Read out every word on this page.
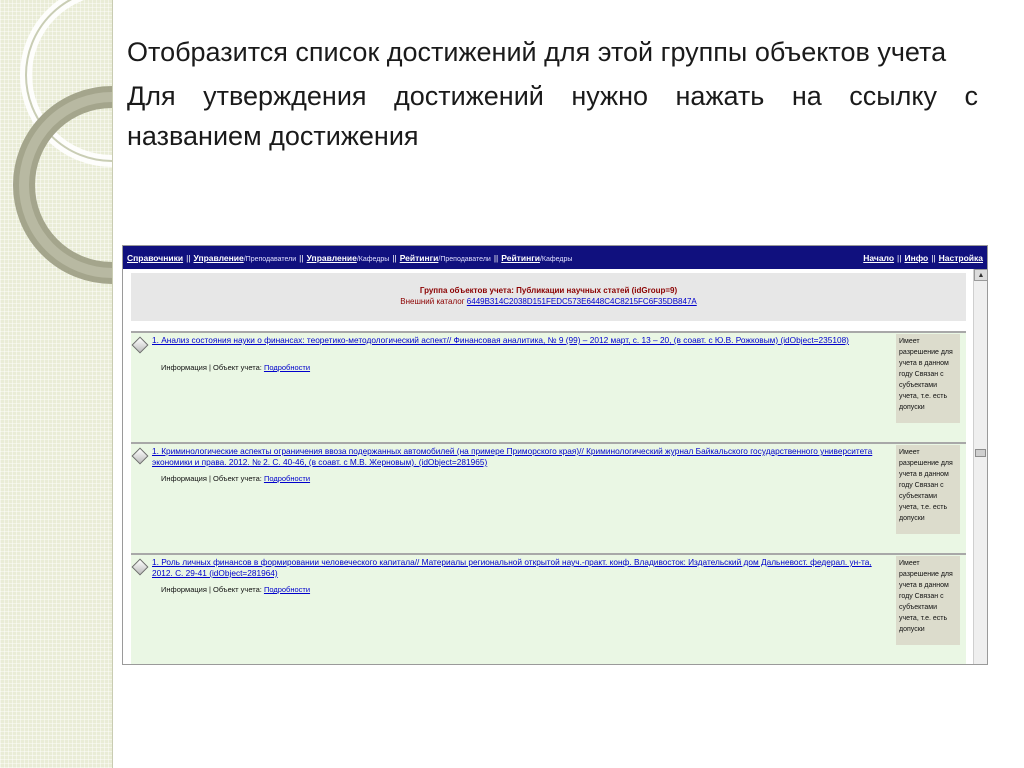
Отобразится список достижений для этой группы объектов учета

Для утверждения достижений нужно нажать на ссылку с названием достижения

Справочники || Управление/Преподаватели || Управление/Кафедры || Рейтинги/Преподаватели || Рейтинги/Кафедры	Начало || Инфо || Настройка
Группа объектов учета: Публикации научных статей (idGroup=9)
Внешний каталог 6449B314C2038D151FEDC573E6448C4C8215FC6F35DB847A
1. Анализ состояния науки о финансах: теоретико-методологический аспект// Финансовая аналитика, № 9 (99) – 2012 март, с. 13 – 20, (в соавт. с Ю.В. Рожковым) (idObject=235108)
Информация | Объект учета: Подробности
Имеет разрешение для учета в данном году Связан с субъектами учета, т.е. есть допуски
1. Криминологические аспекты ограничения ввоза подержанных автомобилей (на примере Приморского края)// Криминологический журнал Байкальского государственного университета экономики и права. 2012. № 2. С. 40-46, (в соавт. с М.В. Жерновым). (idObject=281965)
Информация | Объект учета: Подробности
Имеет разрешение для учета в данном году Связан с субъектами учета, т.е. есть допуски
1. Роль личных финансов в формировании человеческого капитала// Материалы региональной открытой науч.-практ. конф. Владивосток: Издательский дом Дальневост. федерал. ун-та, 2012. С. 29-41 (idObject=281964)
Информация | Объект учета: Подробности
Имеет разрешение для учета в данном году Связан с субъектами учета, т.е. есть допуски
▲
